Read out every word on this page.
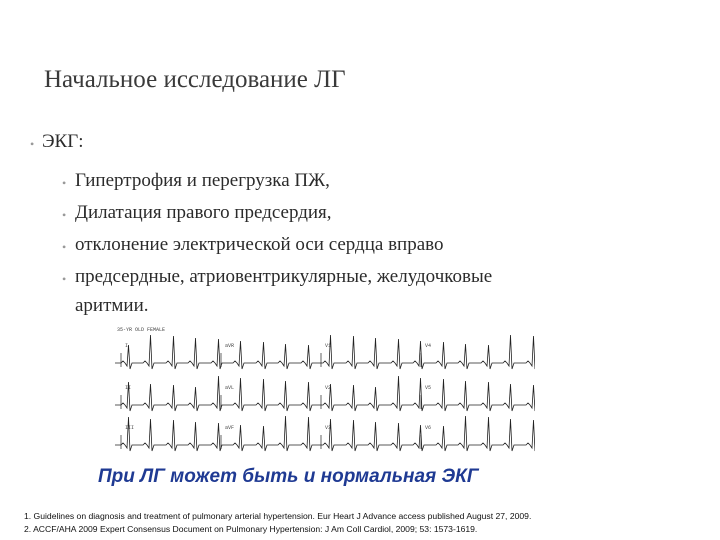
Начальное исследование ЛГ
• ЭКГ:
• Гипертрофия и перегрузка ПЖ,
• Дилатация правого предсердия,
• отклонение электрической оси сердца вправо
• предсердные, атриовентрикулярные, желудочковые
аритмии.
35-YR OLD FEMALE
I	aVR	V1	V4
II	aVL	V2	V5
III	aVF	V3	V6
При ЛГ может быть и нормальная ЭКГ
1. Guidelines on diagnosis and treatment of pulmonary arterial hypertension. Eur Heart J Advance access published August 27, 2009.
2. ACCF/AHA 2009 Expert Consensus Document on Pulmonary Hypertension: J Am Coll Cardiol, 2009; 53: 1573-1619.
